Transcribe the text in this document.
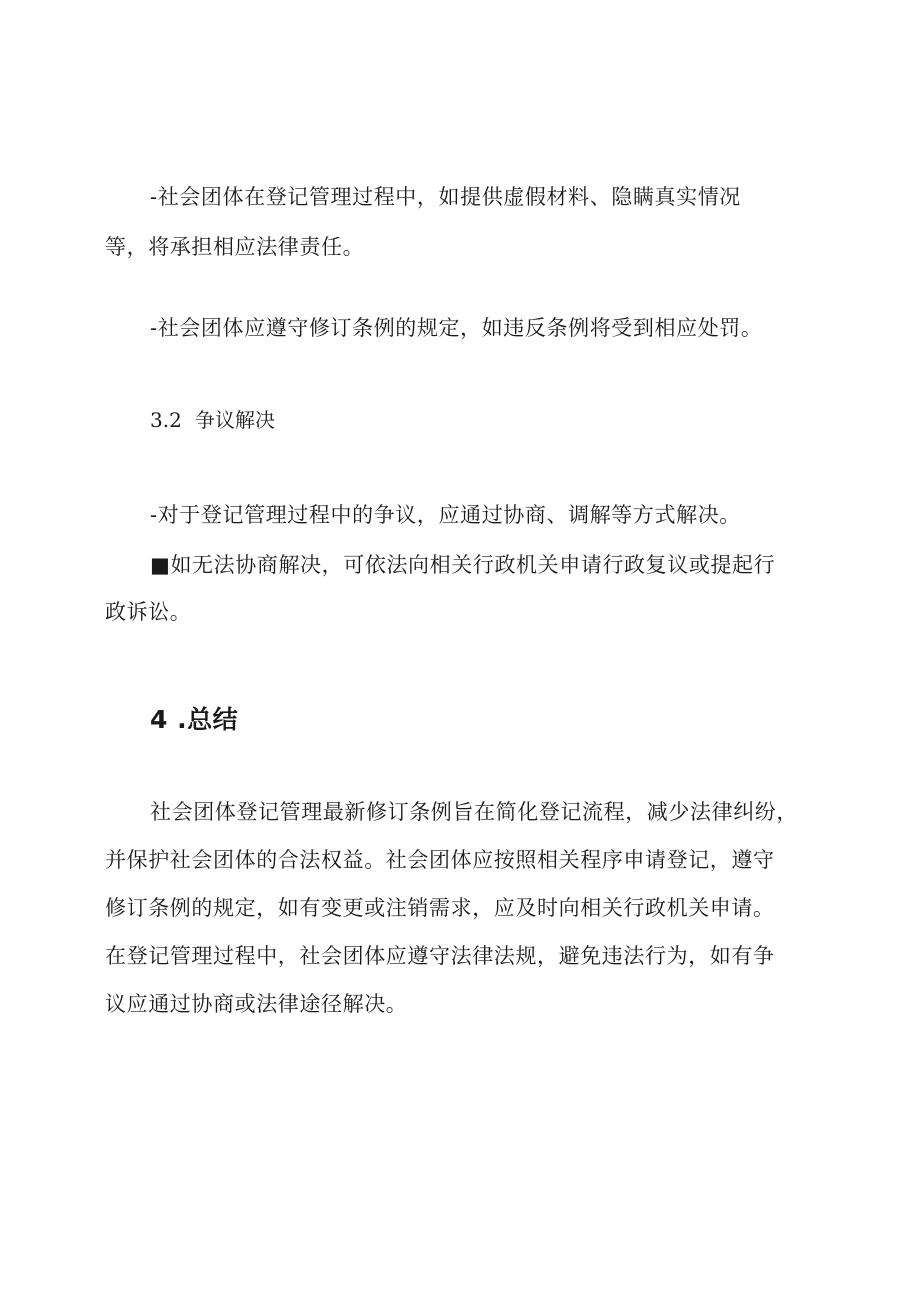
-社会团体在登记管理过程中，如提供虚假材料、隐瞒真实情况
等，将承担相应法律责任。
-社会团体应遵守修订条例的规定，如违反条例将受到相应处罚。
3.2 争议解决
-对于登记管理过程中的争议，应通过协商、调解等方式解决。
■如无法协商解决，可依法向相关行政机关申请行政复议或提起行
政诉讼。
4 .总结
社会团体登记管理最新修订条例旨在简化登记流程，减少法律纠纷，
并保护社会团体的合法权益。社会团体应按照相关程序申请登记，遵守
修订条例的规定，如有变更或注销需求，应及时向相关行政机关申请。
在登记管理过程中，社会团体应遵守法律法规，避免违法行为，如有争
议应通过协商或法律途径解决。
